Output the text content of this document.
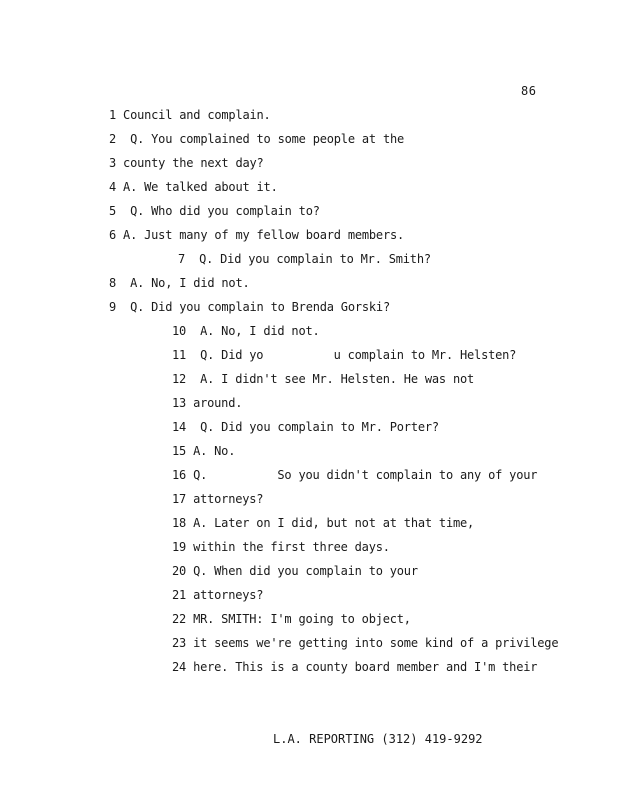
86
1 Council and complain.
2  Q. You complained to some people at the
3 county the next day?
4 A. We talked about it.
5  Q. Who did you complain to?
6 A. Just many of my fellow board members.
7  Q. Did you complain to Mr. Smith?
8  A. No, I did not.
9  Q. Did you complain to Brenda Gorski?
10  A. No, I did not.
11  Q. Did yo          u complain to Mr. Helsten?
12  A. I didn't see Mr. Helsten. He was not
13 around.
14  Q. Did you complain to Mr. Porter?
15 A. No.
16 Q.          So you didn't complain to any of your
17 attorneys?
18 A. Later on I did, but not at that time,
19 within the first three days.
20 Q. When did you complain to your
21 attorneys?
22 MR. SMITH: I'm going to object,
23 it seems we're getting into some kind of a privilege
24 here. This is a county board member and I'm their
L.A. REPORTING (312) 419-9292
